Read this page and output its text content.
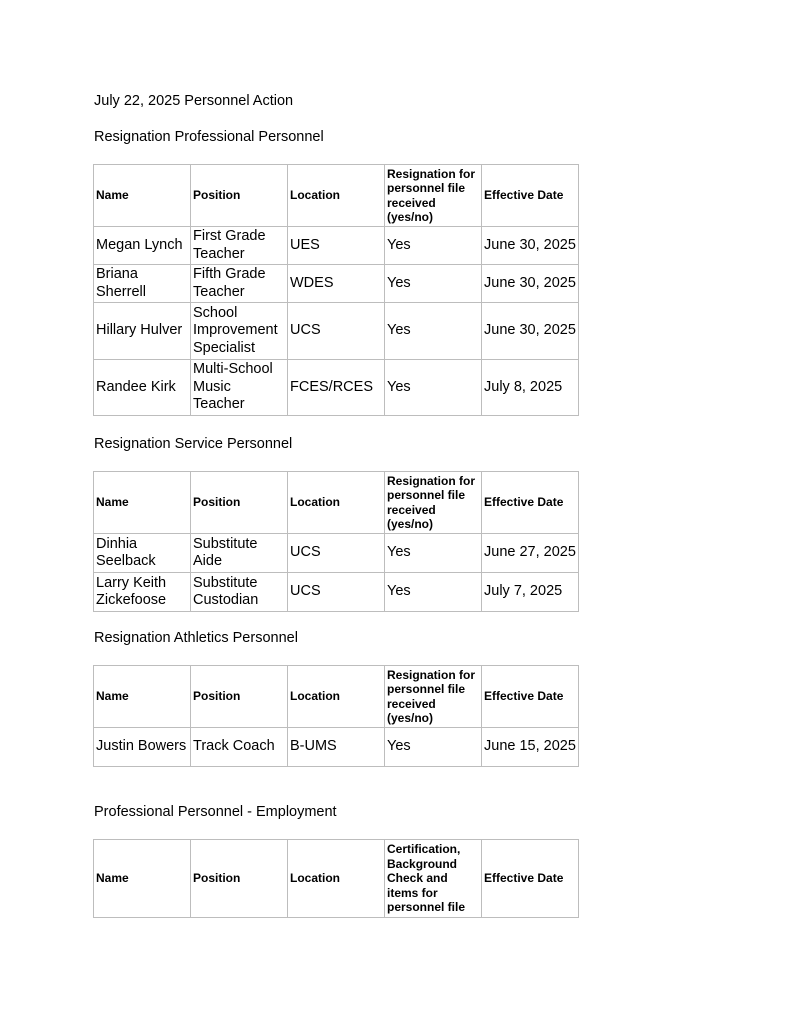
July 22, 2025 Personnel Action
Resignation Professional Personnel
Name	Position	Location	Resignation for personnel file received (yes/no)	Effective Date
Megan Lynch	First Grade Teacher	UES	Yes	June 30, 2025
Briana Sherrell	Fifth Grade Teacher	WDES	Yes	June 30, 2025
Hillary Hulver	School Improvement Specialist	UCS	Yes	June 30, 2025
Randee Kirk	Multi-School Music Teacher	FCES/RCES	Yes	July 8, 2025
Resignation Service Personnel
Name	Position	Location	Resignation for personnel file received (yes/no)	Effective Date
Dinhia Seelback	Substitute Aide	UCS	Yes	June 27, 2025
Larry Keith Zickefoose	Substitute Custodian	UCS	Yes	July 7, 2025
Resignation Athletics Personnel
Name	Position	Location	Resignation for personnel file received (yes/no)	Effective Date
Justin Bowers	Track Coach	B-UMS	Yes	June 15, 2025
Professional Personnel - Employment
Name	Position	Location	Certification, Background Check and items for personnel file	Effective Date
